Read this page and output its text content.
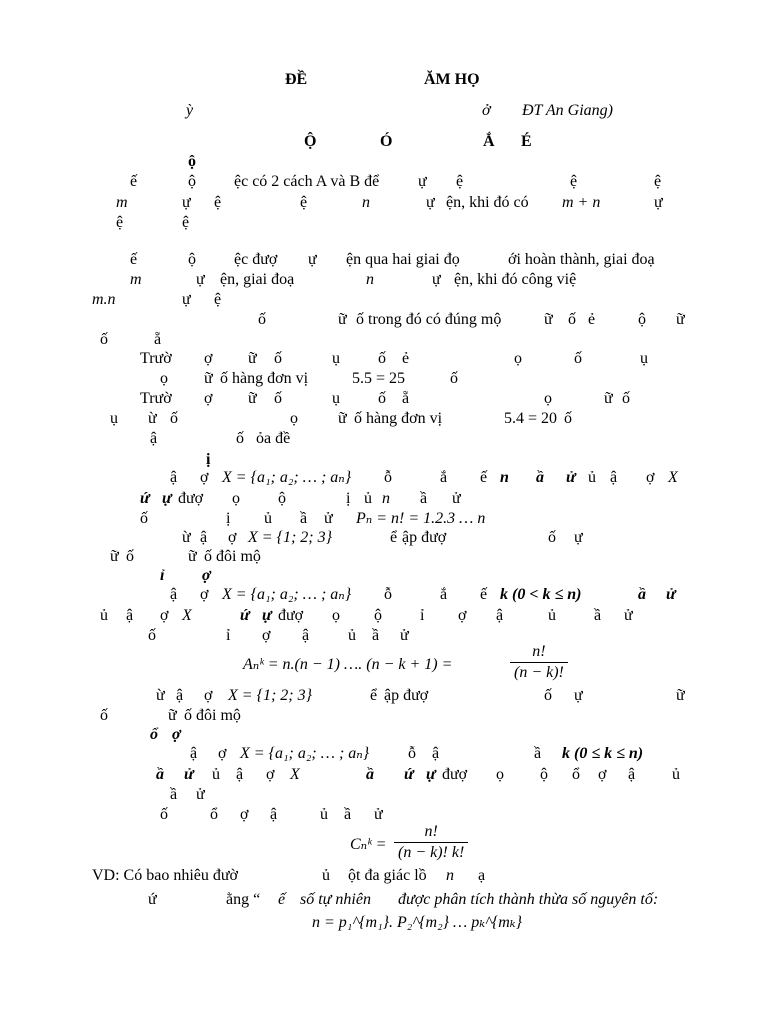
ĐỀ	ĂM HỌ
ỳ	ở ĐT An Giang)
Ộ	Ó	Ắ É
ộ
ế	ộ ệc có 2 cách A và B để ự ệ	ệ	ệ
m	ự ệ	ệ	n	ự ện, khi đó có m + n	ự
ệ	ệ
ế	ộ ệc đượ ự ện qua hai giai đọ	ới hoàn thành, giai đoạ
m	ự ện, giai đoạ	n	ự ện, khi đó công việ
m.n	ự ệ
ố	ữ ố trong đó có đúng mộ	ữ ố ẻ	ộ ữ
ố	ẵ
Trườ ợ ữ ố	ụ ố ẻ	ọ	ố	ụ
ọ ữ ố hàng đơn vị	5.5 = 25	ố
Trườ ợ ữ ố	ụ ố ẵ	ọ	ữ ố
ụ ừ ố	ọ	ữ ố hàng đơn vị	5.4 = 20 ố
ậ	ố ỏa đề
ị
ậ ợ X = {a₁; a₂; … ; aₙ} ỗ	ắ ế n ầ ử ủ ậ ợ X
ứ ự đượ ọ ộ	ị ủ n ầ ử
ố	ị ủ ầ ử Pₙ = n! = 1.2.3 … n
ừ ậ ợ X = {1; 2; 3}	ể ập đượ	ố ự
ữ ố	ữ ố đôi mộ
ỉ ợ
ậ ợ X = {a₁; a₂; … ; aₙ} ỗ	ắ ế k (0 < k ≤ n)	ầ ử
ủ ậ ợ X	ứ ự đượ ọ ộ ỉ ợ ậ	ủ ầ ử
ố	ỉ ợ ậ ủ ầ ử
Aₙᵏ = n.(n − 1) …. (n − k + 1) =
n!
(n − k)!
ừ ậ ợ X = {1; 2; 3}	ể ập đượ	ố ự	ữ
ố	ữ ố đôi mộ
ổ ợ
ậ ợ X = {a₁; a₂; … ; aₙ} ỗ ậ	ầ k (0 ≤ k ≤ n)
ầ ử ủ ậ ợ X	ầ ứ ự đượ ọ ộ ổ ợ ậ ủ
ầ ử
ố	ổ ợ ậ	ủ ầ ử
Cₙᵏ =
n!
(n − k)! k!
VD: Có bao nhiêu đườ	ủ ột đa giác lồ n ạ
ứ	ằng “ ế số tự nhiên được phân tích thành thừa số nguyên tố:
n = p₁^{m₁}. P₂^{m₂} … pₖ^{mₖ}
